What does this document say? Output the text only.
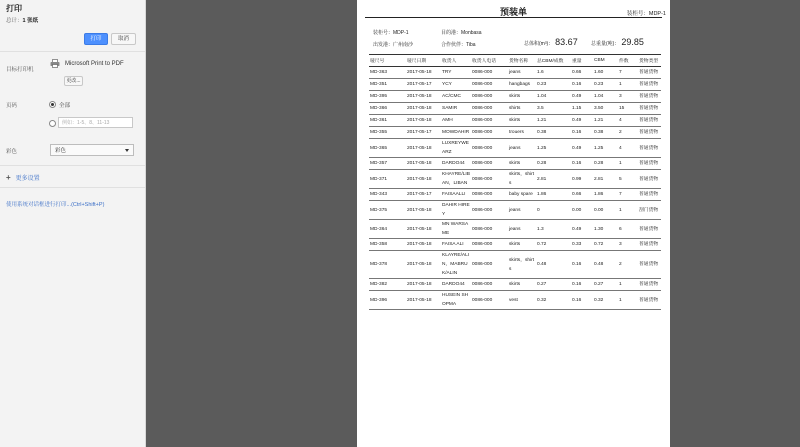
打印
总计：1 张纸
打印	取消
目标打印机
Microsoft Print to PDF
更改...
页码	全部
例如：1-5、8、11-13
彩色	彩色
+ 更多设置
使用系统对话框进行打印...(Ctrl+Shift+P)
预装单	装柜号：MDP-1
装柜号：MDP-1	目的港：Monbasa
出发港：广州南沙	合作伙伴：Tiba	总体积(m³)： 83.67	总重量(吨)： 29.85
唛尺号	唛尺日期	收货人	收货人电话	货物名称	总CBM/成数	重量	CBM	件数	货物类型
MD-363	2017-05-18	TRY	0086-000	jeans	1.6	0.66	1.60	7	普通货物
MD-351	2017-05-17	YCY	0086-000	hangbags	0.23	0.16	0.23	1	普通货物
MD-395	2017-05-18	AC/CMC	0086-000	skirts	1.04	0.49	1.04	3	普通货物
MD-366	2017-05-18	SAMIR	0086-000	shirts	3.5	1.15	3.50	15	普通货物
MD-361	2017-05-18	AMH	0086-000	skirts	1.21	0.49	1.21	4	普通货物
MD-355	2017-05-17	MOWDAHIR	0086-000	trouers	0.38	0.16	0.38	2	普通货物
MD-365	2017-05-18	LUXREYWEARZ	0086-000	jeans	1.25	0.49	1.25	4	普通货物
MD-357	2017-05-18	DARDO44	0086-000	skirts	0.28	0.16	0.28	1	普通货物
MD-371	2017-05-18	KHAYRE/LIBAN，LIBAN	0086-000	skirts，shirts	2.81	0.99	2.81	5	普通货物
MD-343	2017-05-17	FAISAALLI	0086-000	baby spare	1.86	0.66	1.86	7	普通货物
MD-375	2017-05-18	DAHIR HIREY	0086-000	jeans	0	0.00	0.00	1	刮门货物
MD-364	2017-05-18	MN WARSAME	0086-000	jeans	1.3	0.49	1.30	6	普通货物
MD-358	2017-05-18	FAISA ALI	0086-000	skirts	0.72	0.33	0.72	3	普通货物
MD-378	2017-05-18	KLAYRE/ALIN，MABRUK/ALIN	0086-000	skirts，shirts	0.48	0.16	0.48	2	普通货物
MD-382	2017-05-18	DARDO44	0086-000	skirts	0.27	0.16	0.27	1	普通货物
MD-396	2017-05-18	HUSEIN SHOPMA	0086-000	vest	0.32	0.16	0.32	1	普通货物
